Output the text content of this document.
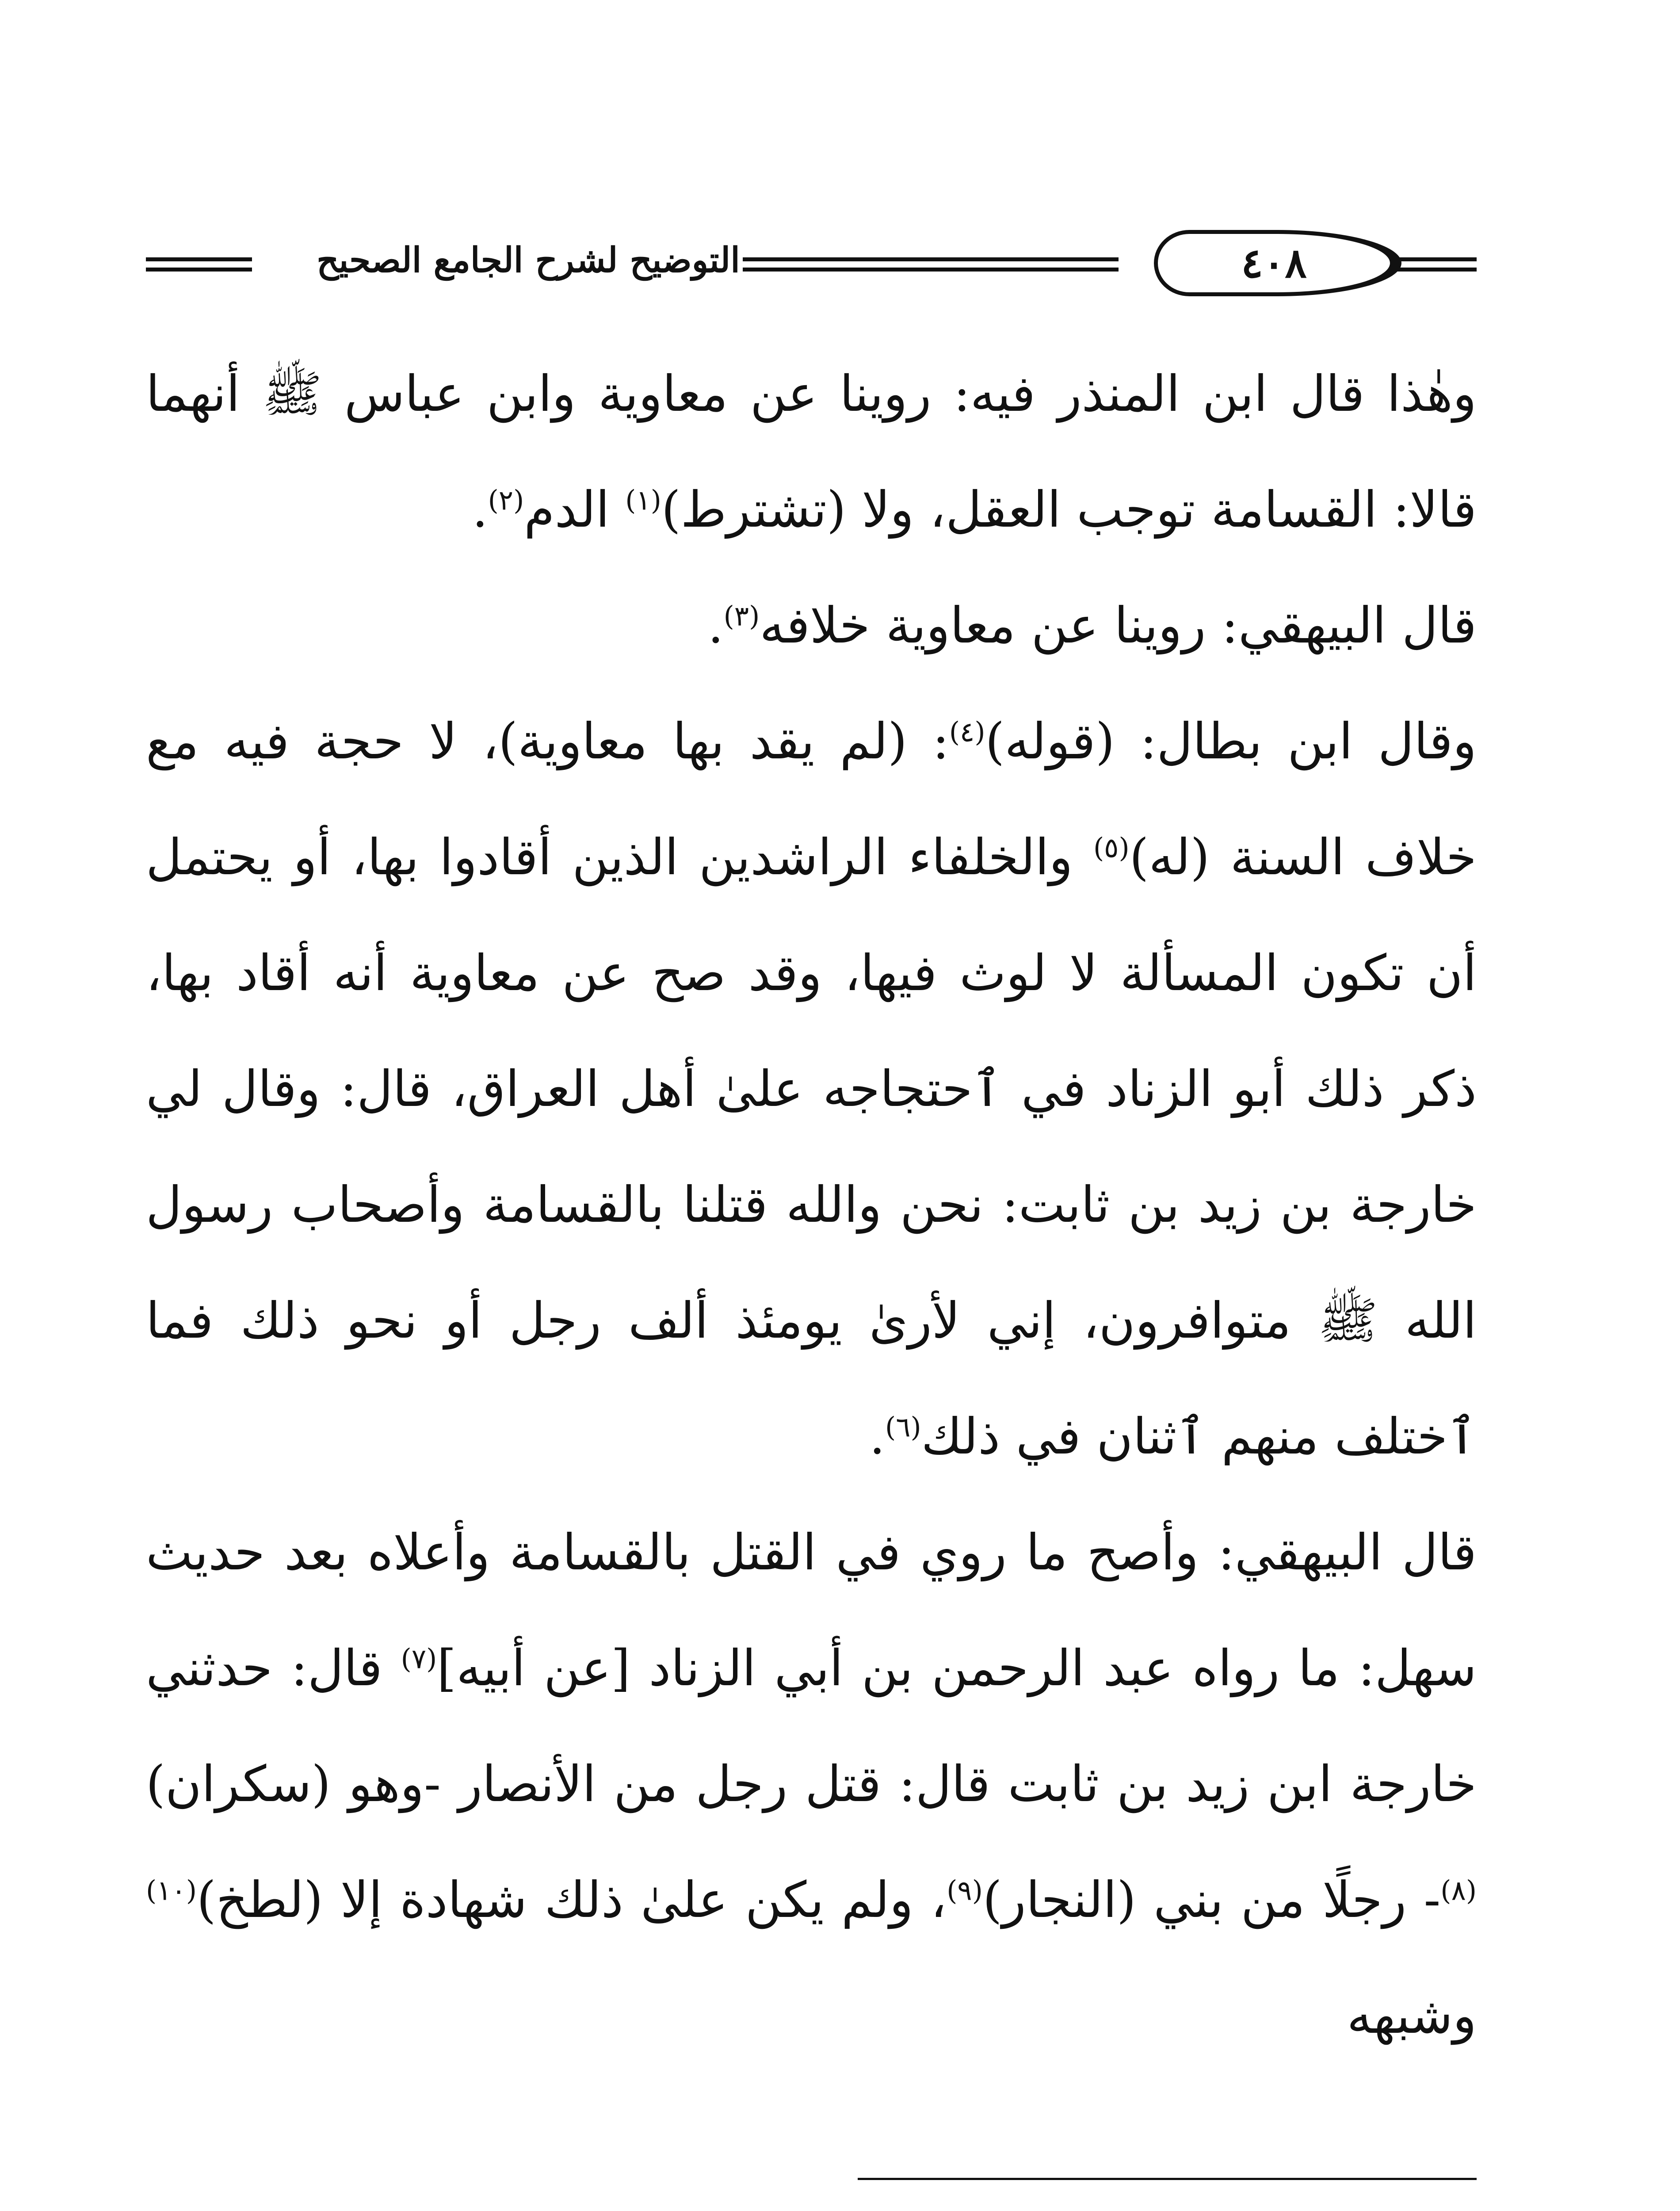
٤٠٨
التوضيح لشرح الجامع الصحيح

وهٰذا قال ابن المنذر فيه: روينا عن معاوية وابن عباس ﷺ أنهما قالا: القسامة توجب العقل، ولا (تشترط)$^{(١)}$ الدم$^{(٢)}$.

قال البيهقي: روينا عن معاوية خلافه$^{(٣)}$.

وقال ابن بطال: (قوله)$^{(٤)}$: (لم يقد بها معاوية)، لا حجة فيه مع خلاف السنة (له)$^{(٥)}$ والخلفاء الراشدين الذين أقادوا بها، أو يحتمل أن تكون المسألة لا لوث فيها، وقد صح عن معاوية أنه أقاد بها، ذكر ذلك أبو الزناد في ٱحتجاجه علىٰ أهل العراق، قال: وقال لي خارجة بن زيد بن ثابت: نحن والله قتلنا بالقسامة وأصحاب رسول الله ﷺ متوافرون، إني لأرىٰ يومئذ ألف رجل أو نحو ذلك فما ٱختلف منهم ٱثنان في ذلك$^{(٦)}$.

قال البيهقي: وأصح ما روي في القتل بالقسامة وأعلاه بعد حديث سهل: ما رواه عبد الرحمن بن أبي الزناد [عن أبيه]$^{(٧)}$ قال: حدثني خارجة ابن زيد بن ثابت قال: قتل رجل من الأنصار -وهو (سكران)$^{(٨)}$- رجلًا من بني (النجار)$^{(٩)}$، ولم يكن علىٰ ذلك شهادة إلا (لطخ)$^{(١٠)}$ وشبهه
